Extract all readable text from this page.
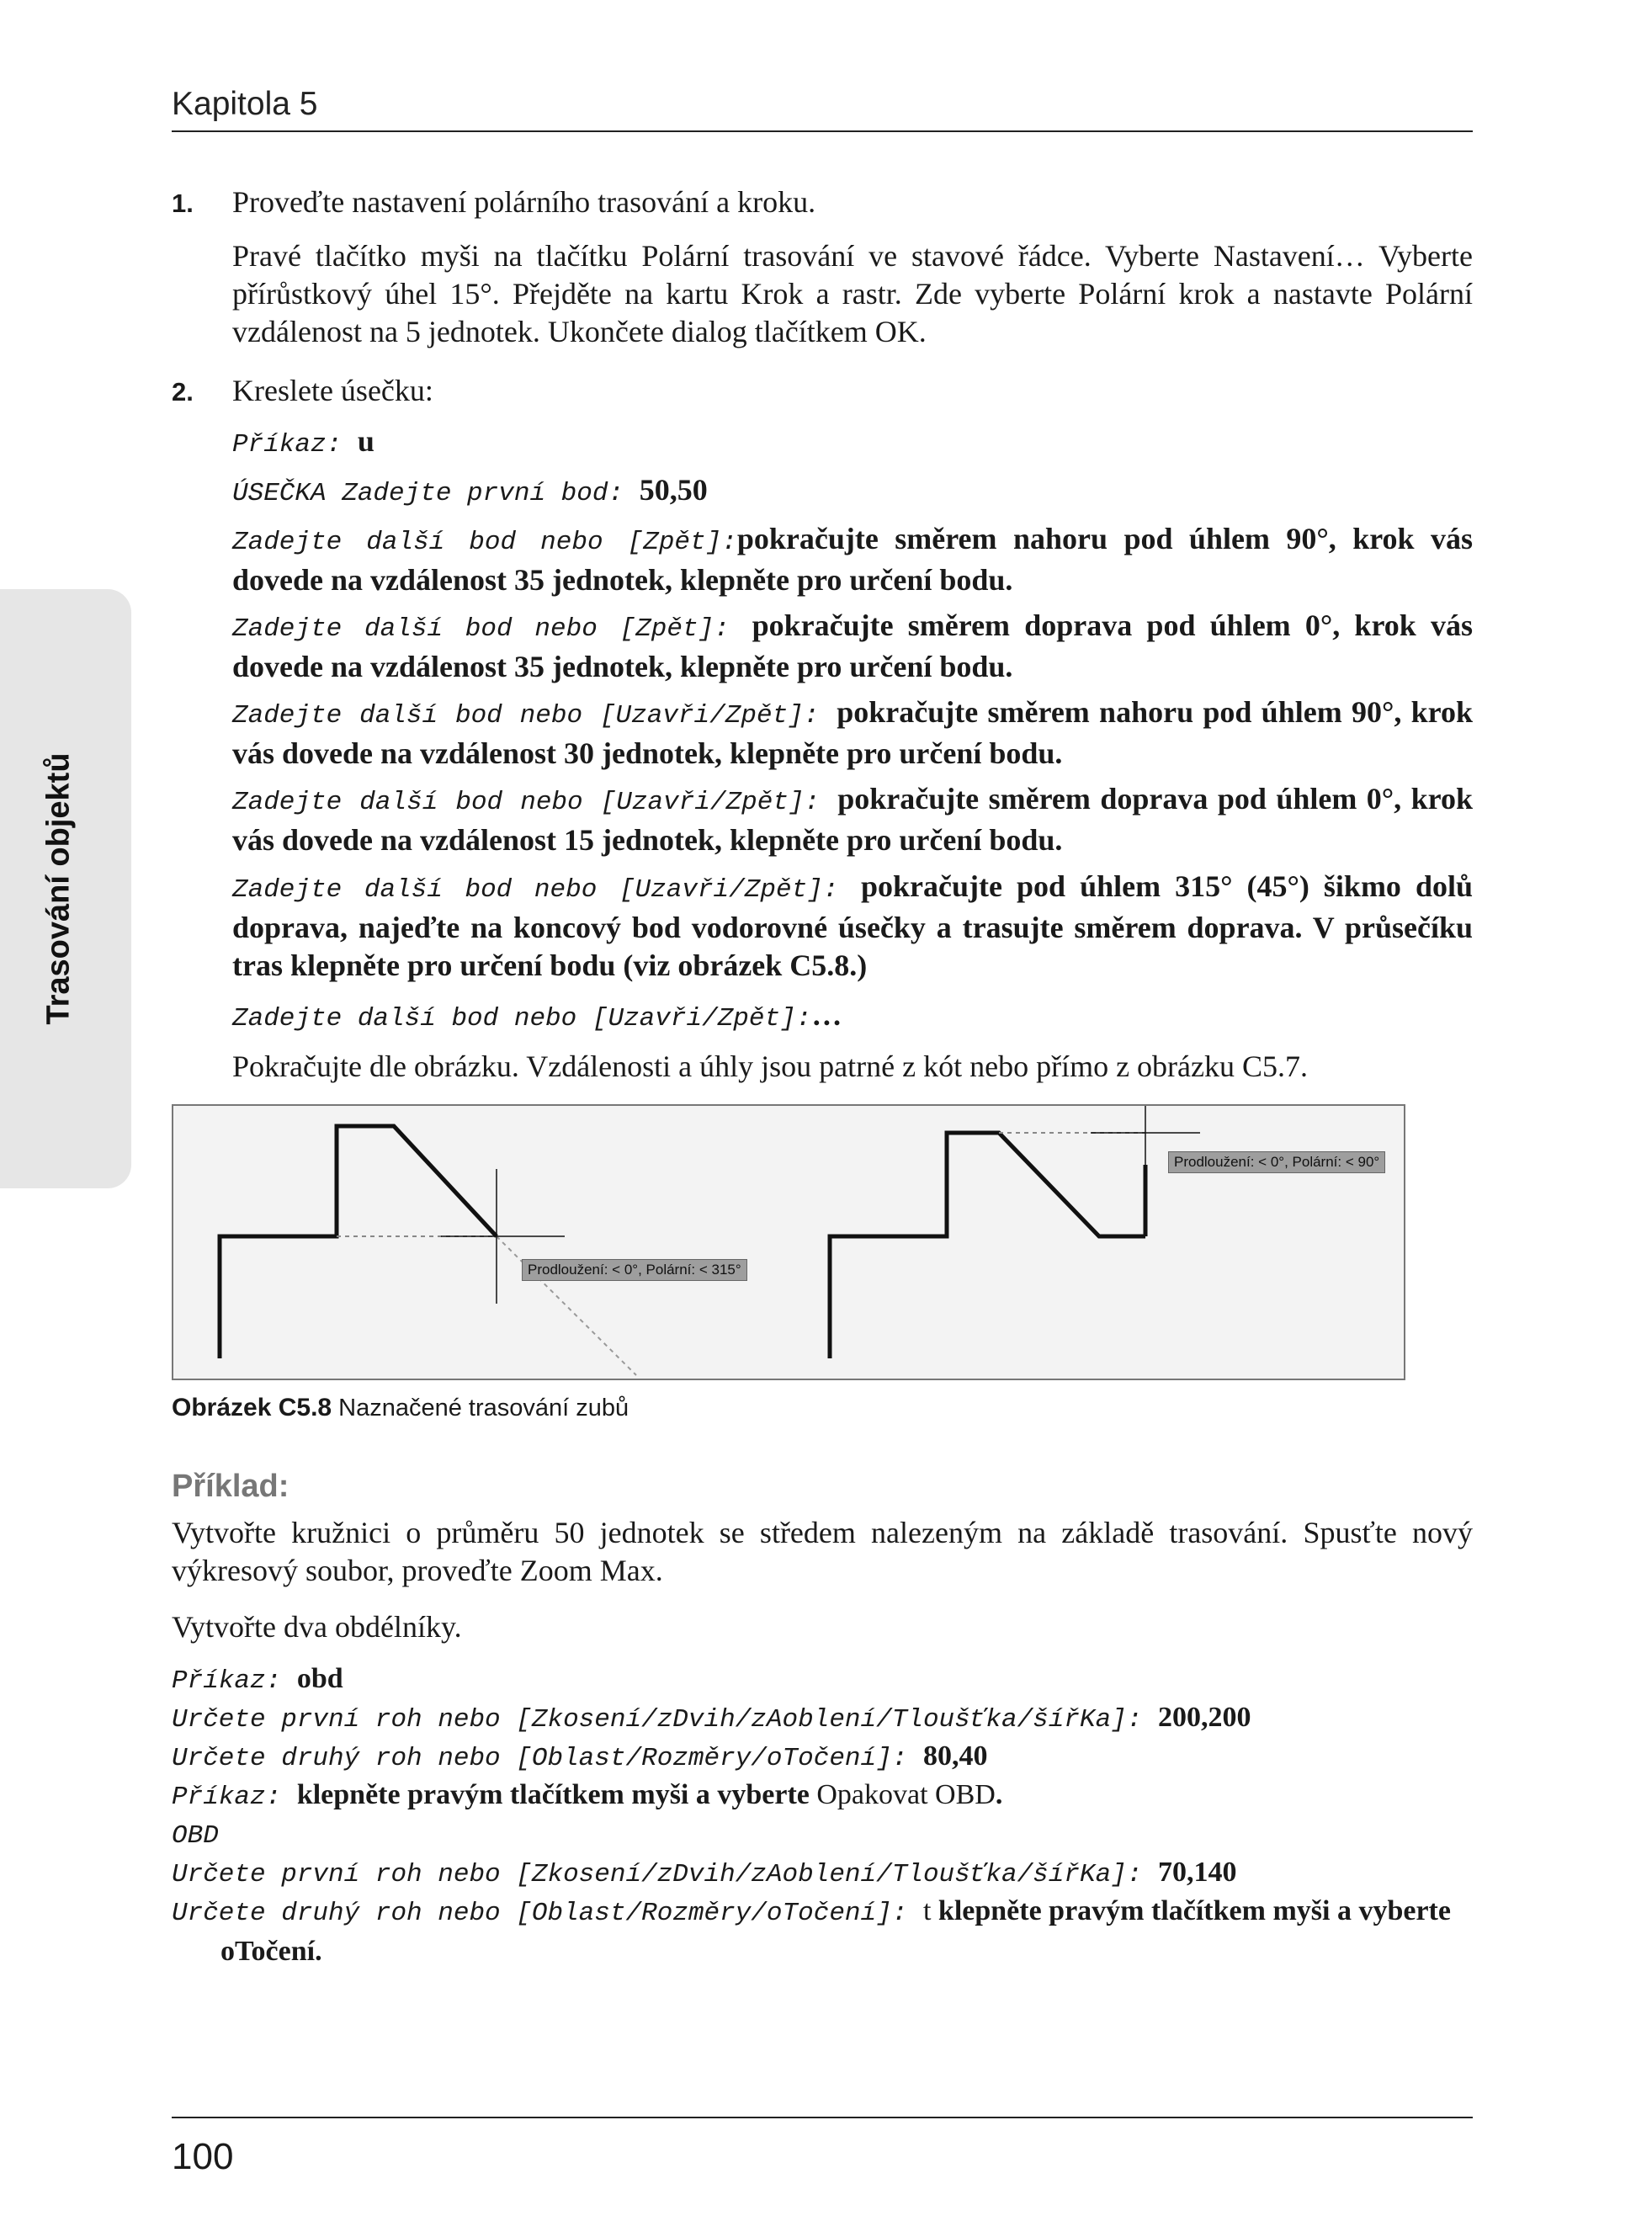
Kapitola 5
Trasování objektů
1. Proveďte nastavení polárního trasování a kroku.
Pravé tlačítko myši na tlačítku Polární trasování ve stavové řádce. Vyberte Nastavení… Vyberte přírůstkový úhel 15°. Přejděte na kartu Krok a rastr. Zde vyberte Polární krok a nastavte Polární vzdálenost na 5 jednotek. Ukončete dialog tlačítkem OK.
2. Kreslete úsečku:
Příkaz: u
ÚSEČKA Zadejte první bod: 50,50
Zadejte další bod nebo [Zpět]:pokračujte směrem nahoru pod úhlem 90°, krok vás dovede na vzdálenost 35 jednotek, klepněte pro určení bodu.
Zadejte další bod nebo [Zpět]: pokračujte směrem doprava pod úhlem 0°, krok vás dovede na vzdálenost 35 jednotek, klepněte pro určení bodu.
Zadejte další bod nebo [Uzavři/Zpět]: pokračujte směrem nahoru pod úhlem 90°, krok vás dovede na vzdálenost 30 jednotek, klepněte pro určení bodu.
Zadejte další bod nebo [Uzavři/Zpět]: pokračujte směrem doprava pod úhlem 0°, krok vás dovede na vzdálenost 15 jednotek, klepněte pro určení bodu.
Zadejte další bod nebo [Uzavři/Zpět]: pokračujte pod úhlem 315° (45°) šikmo dolů doprava, najeďte na koncový bod vodorovné úsečky a trasujte směrem doprava. V průsečíku tras klepněte pro určení bodu (viz obrázek C5.8.)
Zadejte další bod nebo [Uzavři/Zpět]:…
Pokračujte dle obrázku. Vzdálenosti a úhly jsou patrné z kót nebo přímo z obrázku C5.7.
Prodloužení: < 0°, Polární: < 315°
Prodloužení: < 0°, Polární: < 90°
Obrázek C5.8 Naznačené trasování zubů
Příklad:
Vytvořte kružnici o průměru 50 jednotek se středem nalezeným na základě trasování. Spusťte nový výkresový soubor, proveďte Zoom Max.
Vytvořte dva obdélníky.
Příkaz: obd
Určete první roh nebo [Zkosení/zDvih/zAoblení/Tloušťka/šířKa]: 200,200
Určete druhý roh nebo [Oblast/Rozměry/oTočení]: 80,40
Příkaz: klepněte pravým tlačítkem myši a vyberte Opakovat OBD.
OBD
Určete první roh nebo [Zkosení/zDvih/zAoblení/Tloušťka/šířKa]: 70,140
Určete druhý roh nebo [Oblast/Rozměry/oTočení]: t klepněte pravým tlačítkem myši a vyberte
oTočení.
100
